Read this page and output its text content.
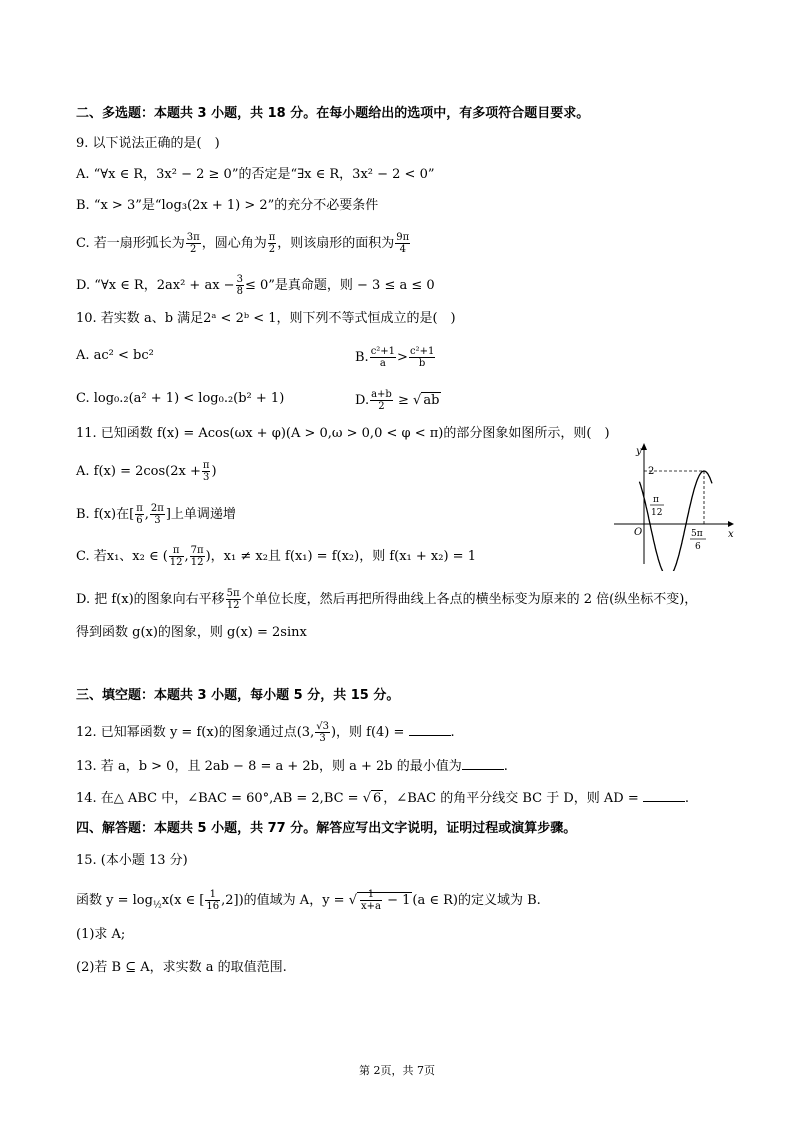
二、多选题：本题共 3 小题，共 18 分。在每小题给出的选项中，有多项符合题目要求。
9. 以下说法正确的是(　)
A. “∀x ∈ R，3x² − 2 ≥ 0”的否定是“∃x ∈ R，3x² − 2 < 0”
B. “x > 3”是“log₃(2x + 1) > 2”的充分不必要条件
C. 若一扇形弧长为 $\frac{3\pi}{2}$ ，圆心角为 $\frac{\pi}{2}$ ，则该扇形的面积为 $\frac{9\pi}{4}$
D. “∀x ∈ R，2ax² + ax − $\frac{3}{8} \le 0$”是真命题，则 − 3 ≤ a ≤ 0
10. 若实数 a、b 满足2ᵃ < 2ᵇ < 1，则下列不等式恒成立的是(　)
A. ac² < bc²	B. $\frac{\text{c²+1}}{a} > \frac{\text{c²+1}}{b}$
C. log₀.₂(a² + 1) < log₀.₂(b² + 1)	D. $\frac{a+b}{2}$ ≥ √ ab
11. 已知函数 f(x) = Acos(ωx + φ)(A > 0,ω > 0,0 < φ < π)的部分图象如图所示，则(　)
A. $f(x) = 2\cos(2x + \frac{\pi}{3}$ )
B. f(x)在[ $\frac{\pi}{6}$ , $\frac{2\pi}{3}$ ]上单调递增
C. 若x₁、x₂ ∈ ( $\frac{\pi}{12}$ , $\frac{7\pi}{12}$ )，x₁ ≠ x₂且 f(x₁) = f(x₂)，则 f(x₁ + x₂) = 1
D. 把 f(x)的图象向右平移 $\frac{5\pi}{12}$ 个单位长度，然后再把所得曲线上各点的横坐标变为原来的 2 倍(纵坐标不变)，
得到函数 g(x)的图象，则 g(x) = 2sinx
y
x
O
2
π
12
5π
6
三、填空题：本题共 3 小题，每小题 5 分，共 15 分。
12. 已知幂函数 y = f(x)的图象通过点(3, $\frac{√3}{3}$ )，则 f(4) =	.
13. 若 a，b > 0，且 2ab − 8 = a + 2b，则 a + 2b 的最小值为	.
14. 在△ ABC 中，∠BAC = 60°,AB = 2,BC = √ 6 ，∠BAC 的角平分线交 BC 于 D，则 AD =	.
四、解答题：本题共 5 小题，共 77 分。解答应写出文字说明，证明过程或演算步骤。
15. (本小题 13 分)
函数 $y = \log_{\frac{1}{2}}x(x$ ∈ [ $\frac{1}{16} ,2$])的值域为 A，y = √ $\frac{1}{x+a} - 1$ (a ∈ R)的定义域为 B.
(1)求 A;
(2)若 B ⊆ A，求实数 a 的取值范围.
第 2页，共 7页
